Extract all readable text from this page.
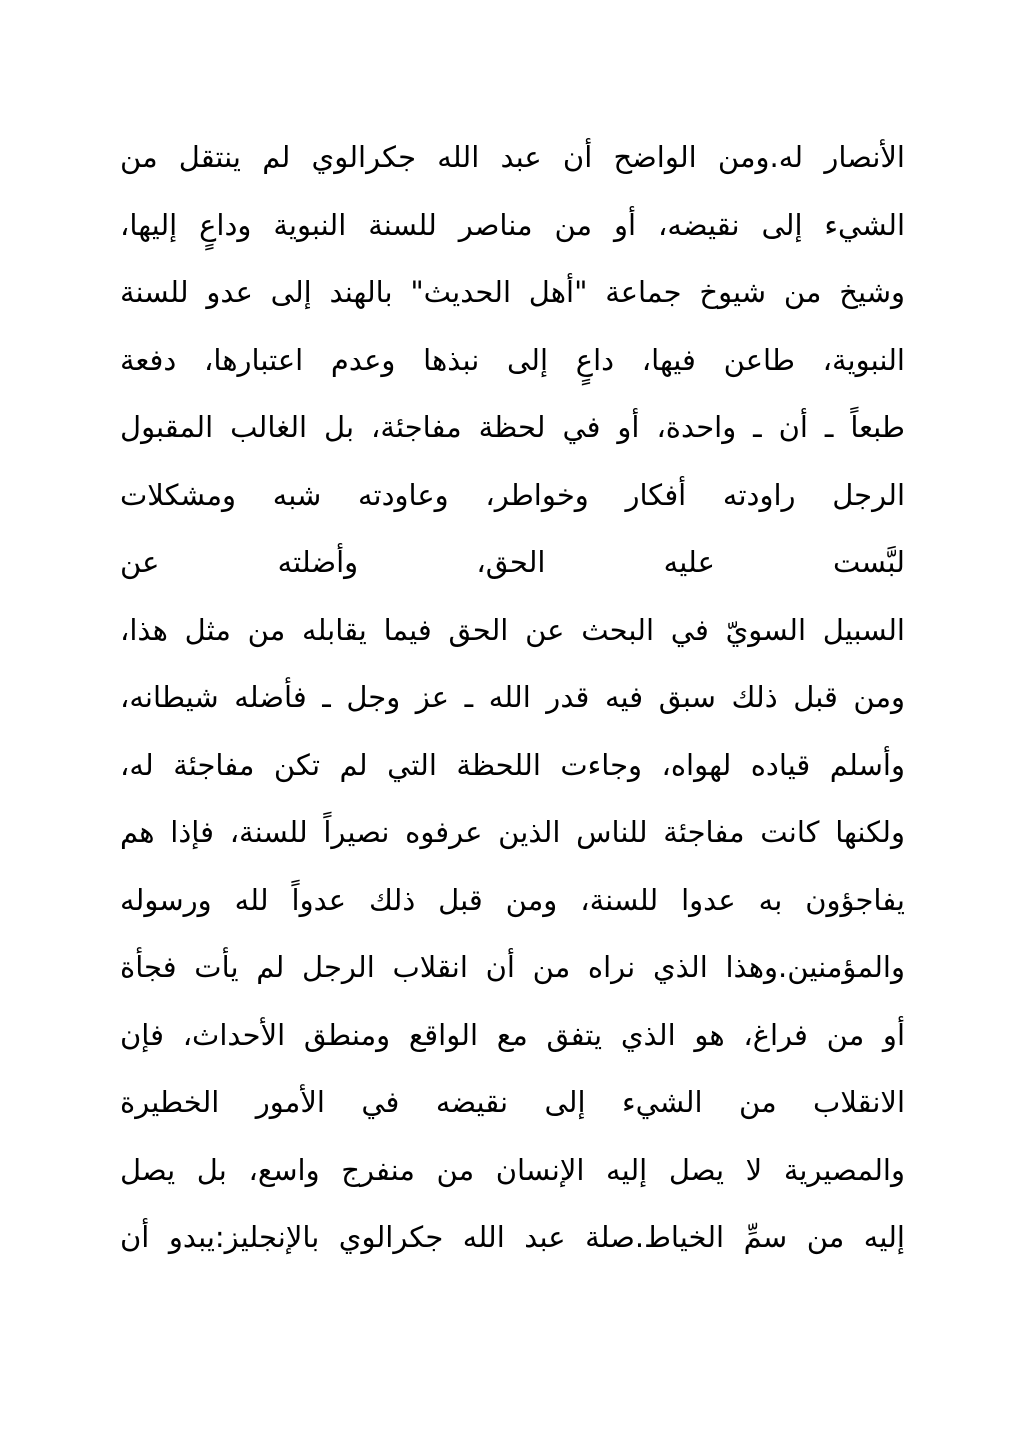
الأنصار له.ومن الواضح أن عبد الله جكرالوي لم ينتقل من
الشيء إلى نقيضه، أو من مناصر للسنة النبوية وداعٍ إليها،
وشيخ من شيوخ جماعة "أهل الحديث" بالهند إلى عدو للسنة
النبوية، طاعن فيها، داعٍ إلى نبذها وعدم اعتبارها، دفعة
طبعاً ـ أن ـ واحدة، أو في لحظة مفاجئة، بل الغالب المقبول
الرجل راودته أفكار وخواطر، وعاودته شبه ومشكلات
لبَّست عليه الحق، وأضلته عن
السبيل السويّ في البحث عن الحق فيما يقابله من مثل هذا،
ومن قبل ذلك سبق فيه قدر الله ـ عز وجل ـ فأضله شيطانه،
وأسلم قياده لهواه، وجاءت اللحظة التي لم تكن مفاجئة له،
ولكنها كانت مفاجئة للناس الذين عرفوه نصيراً للسنة، فإذا هم
يفاجؤون به عدوا للسنة، ومن قبل ذلك عدواً لله ورسوله
والمؤمنين.وهذا الذي نراه من أن انقلاب الرجل لم يأت فجأة
أو من فراغ، هو الذي يتفق مع الواقع ومنطق الأحداث، فإن
الانقلاب من الشيء إلى نقيضه في الأمور الخطيرة
والمصيرية لا يصل إليه الإنسان من منفرج واسع، بل يصل
إليه من سمِّ الخياط.صلة عبد الله جكرالوي بالإنجليز:يبدو أن
